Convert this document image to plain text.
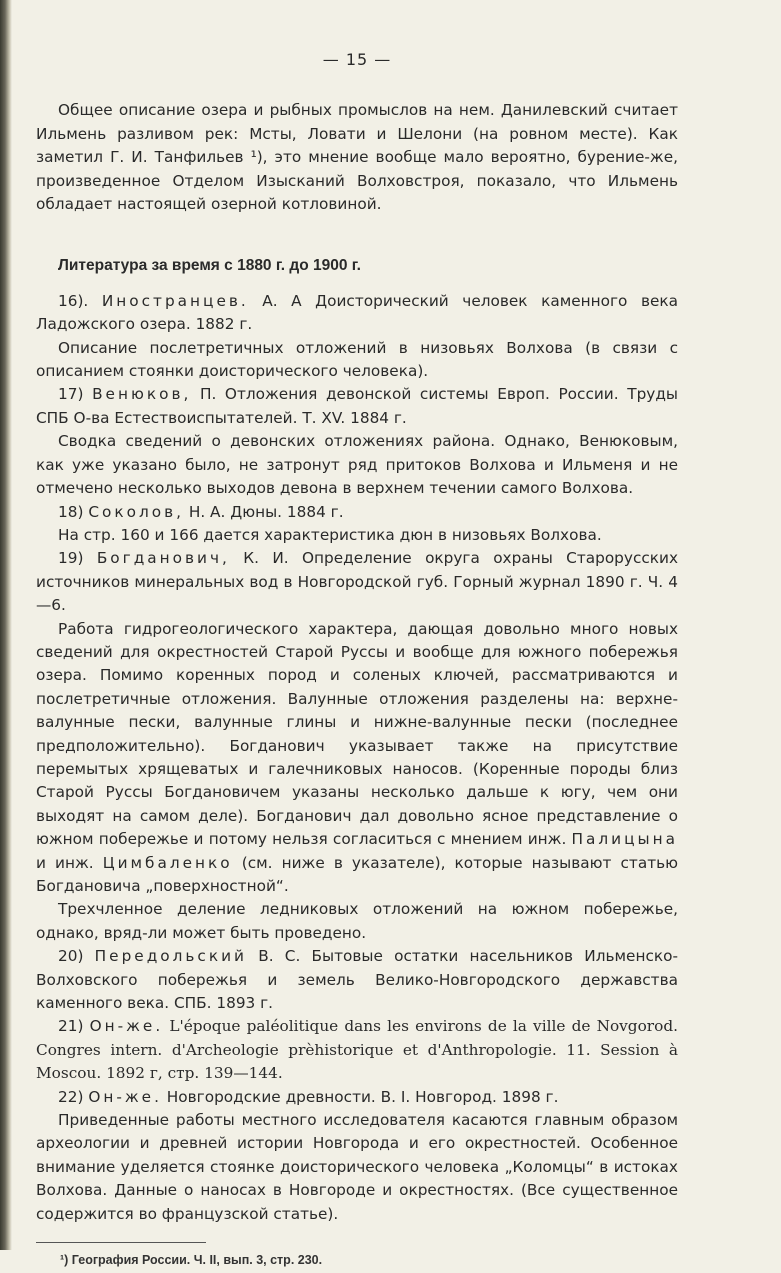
— 15 —

Общее описание озера и рыбных промыслов на нем. Данилевский считает Ильмень разливом рек: Мсты, Ловати и Шелони (на ровном месте). Как заметил Г. И. Танфильев ¹), это мнение вообще мало вероятно, бурение-же, произведенное Отделом Изысканий Волховстроя, показало, что Ильмень обладает настоящей озерной котловиной.

Литература за время с 1880 г. до 1900 г.

16). Иностранцев. А. А Доисторический человек каменного века Ладожского озера. 1882 г.

Описание послетретичных отложений в низовьях Волхова (в связи с описанием стоянки доисторического человека).

17) Венюков, П. Отложения девонской системы Европ. России. Труды СПБ О-ва Естествоиспытателей. Т. XV. 1884 г.

Сводка сведений о девонских отложениях района. Однако, Венюковым, как уже указано было, не затронут ряд притоков Волхова и Ильменя и не отмечено несколько выходов девона в верхнем течении самого Волхова.

18) Соколов, Н. А. Дюны. 1884 г.

На стр. 160 и 166 дается характеристика дюн в низовьях Волхова.

19) Богданович, К. И. Определение округа охраны Старорусских источников минеральных вод в Новгородской губ. Горный журнал 1890 г. Ч. 4—6.

Работа гидрогеологического характера, дающая довольно много новых сведений для окрестностей Старой Руссы и вообще для южного побережья озера. Помимо коренных пород и соленых ключей, рассматриваются и послетретичные отложения. Валунные отложения разделены на: верхне-валунные пески, валунные глины и нижне-валунные пески (последнее предположительно). Богданович указывает также на присутствие перемытых хрящеватых и галечниковых наносов. (Коренные породы близ Старой Руссы Богдановичем указаны несколько дальше к югу, чем они выходят на самом деле). Богданович дал довольно ясное представление о южном побережье и потому нельзя согласиться с мнением инж. Палицына и инж. Цимбаленко (см. ниже в указателе), которые называют статью Богдановича „поверхностной“.

Трехчленное деление ледниковых отложений на южном побережье, однако, вряд-ли может быть проведено.

20) Передольский В. С. Бытовые остатки насельников Ильменско-Волховского побережья и земель Велико-Новгородского державства каменного века. СПБ. 1893 г.

21) Он-же. L'époque paléolitique dans les environs de la ville de Novgorod. Congres intern. d'Archeologie prèhistorique et d'Anthropologie. 11. Session à Moscou. 1892 г, стр. 139—144.

22) Он-же. Новгородские древности. В. І. Новгород. 1898 г.

Приведенные работы местного исследователя касаются главным образом археологии и древней истории Новгорода и его окрестностей. Особенное внимание уделяется стоянке доисторического человека „Коломцы“ в истоках Волхова. Данные о наносах в Новгороде и окрестностях. (Все существенное содержится во французской статье).

¹) География России. Ч. II, вып. 3, стр. 230.
